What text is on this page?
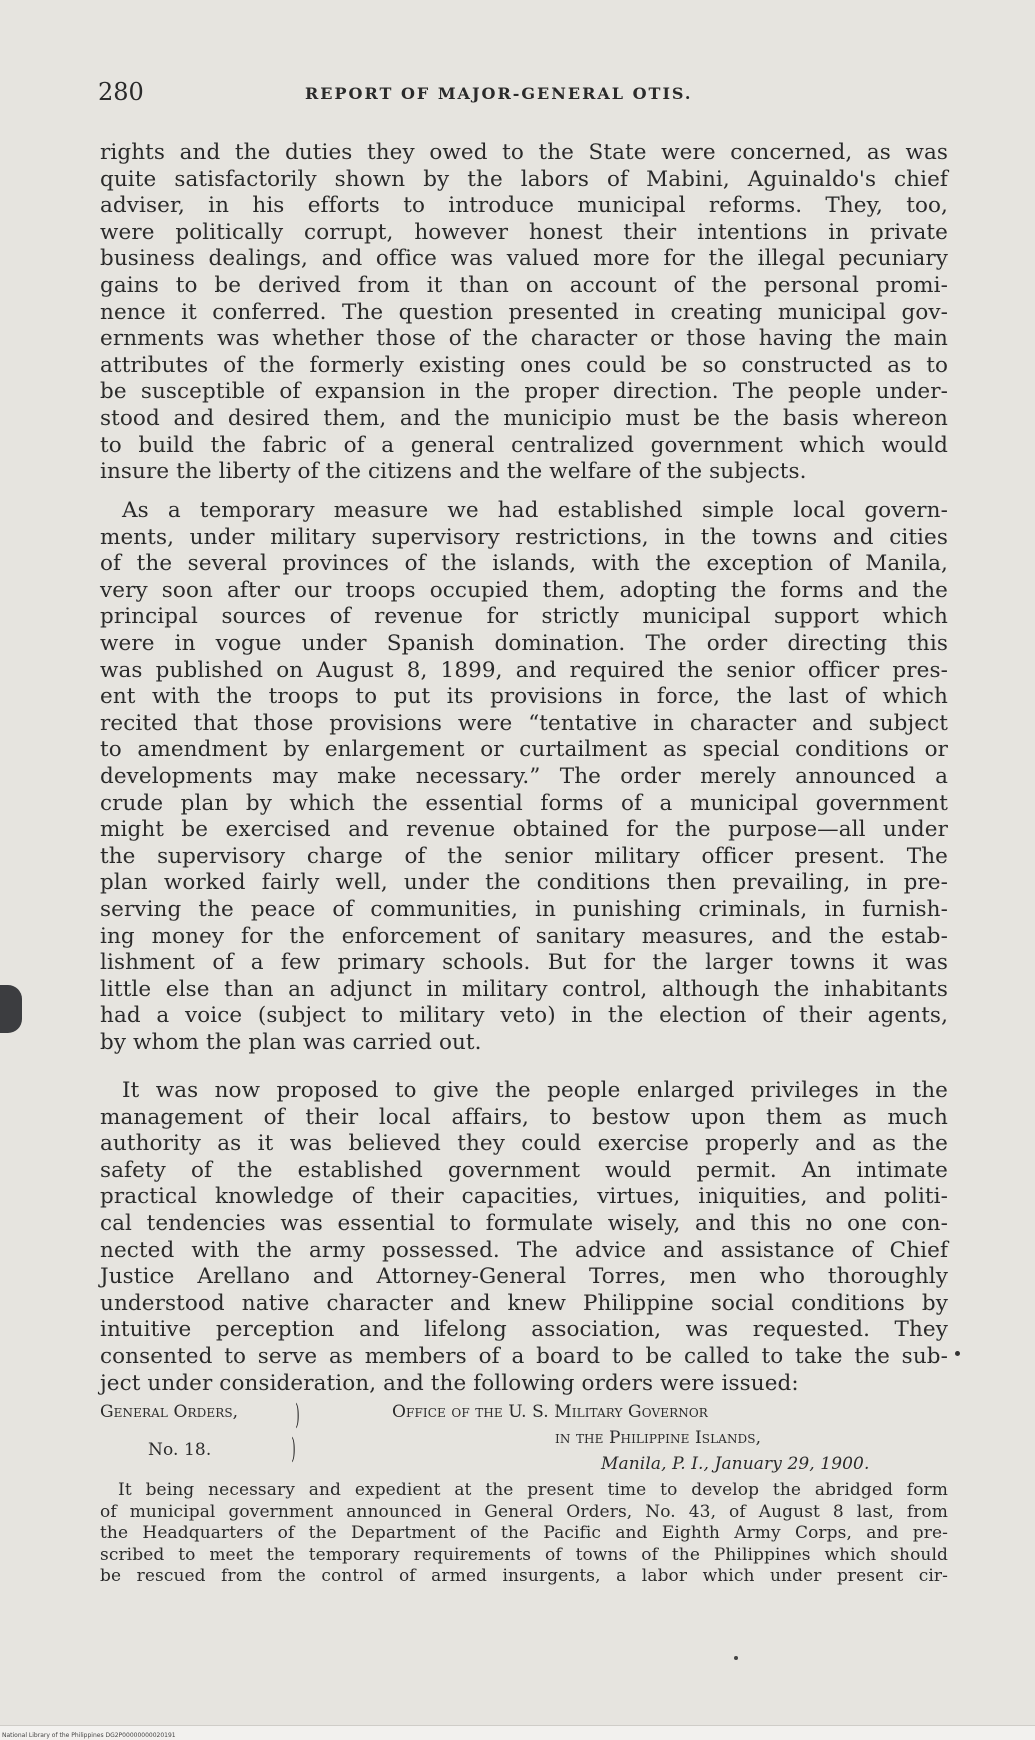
280	REPORT OF MAJOR-GENERAL OTIS.
rights and the duties they owed to the State were concerned, as was
quite satisfactorily shown by the labors of Mabini, Aguinaldo's chief
adviser, in his efforts to introduce municipal reforms. They, too,
were politically corrupt, however honest their intentions in private
business dealings, and office was valued more for the illegal pecuniary
gains to be derived from it than on account of the personal promi-
nence it conferred. The question presented in creating municipal gov-
ernments was whether those of the character or those having the main
attributes of the formerly existing ones could be so constructed as to
be susceptible of expansion in the proper direction. The people under-
stood and desired them, and the municipio must be the basis whereon
to build the fabric of a general centralized government which would
insure the liberty of the citizens and the welfare of the subjects.
As a temporary measure we had established simple local govern-
ments, under military supervisory restrictions, in the towns and cities
of the several provinces of the islands, with the exception of Manila,
very soon after our troops occupied them, adopting the forms and the
principal sources of revenue for strictly municipal support which
were in vogue under Spanish domination. The order directing this
was published on August 8, 1899, and required the senior officer pres-
ent with the troops to put its provisions in force, the last of which
recited that those provisions were “tentative in character and subject
to amendment by enlargement or curtailment as special conditions or
developments may make necessary.” The order merely announced a
crude plan by which the essential forms of a municipal government
might be exercised and revenue obtained for the purpose—all under
the supervisory charge of the senior military officer present. The
plan worked fairly well, under the conditions then prevailing, in pre-
serving the peace of communities, in punishing criminals, in furnish-
ing money for the enforcement of sanitary measures, and the estab-
lishment of a few primary schools. But for the larger towns it was
little else than an adjunct in military control, although the inhabitants
had a voice (subject to military veto) in the election of their agents,
by whom the plan was carried out.
It was now proposed to give the people enlarged privileges in the
management of their local affairs, to bestow upon them as much
authority as it was believed they could exercise properly and as the
safety of the established government would permit. An intimate
practical knowledge of their capacities, virtues, iniquities, and politi-
cal tendencies was essential to formulate wisely, and this no one con-
nected with the army possessed. The advice and assistance of Chief
Justice Arellano and Attorney-General Torres, men who thoroughly
understood native character and knew Philippine social conditions by
intuitive perception and lifelong association, was requested. They
consented to serve as members of a board to be called to take the sub-
ject under consideration, and the following orders were issued:
General Orders, )
No. 18.	)
Office of the U. S. Military Governor
in the Philippine Islands,
Manila, P. I., January 29, 1900.
It being necessary and expedient at the present time to develop the abridged form
of municipal government announced in General Orders, No. 43, of August 8 last, from
the Headquarters of the Department of the Pacific and Eighth Army Corps, and pre-
scribed to meet the temporary requirements of towns of the Philippines which should
be rescued from the control of armed insurgents, a labor which under present cir-
National Library of the Philippines DG2P00000000020191
